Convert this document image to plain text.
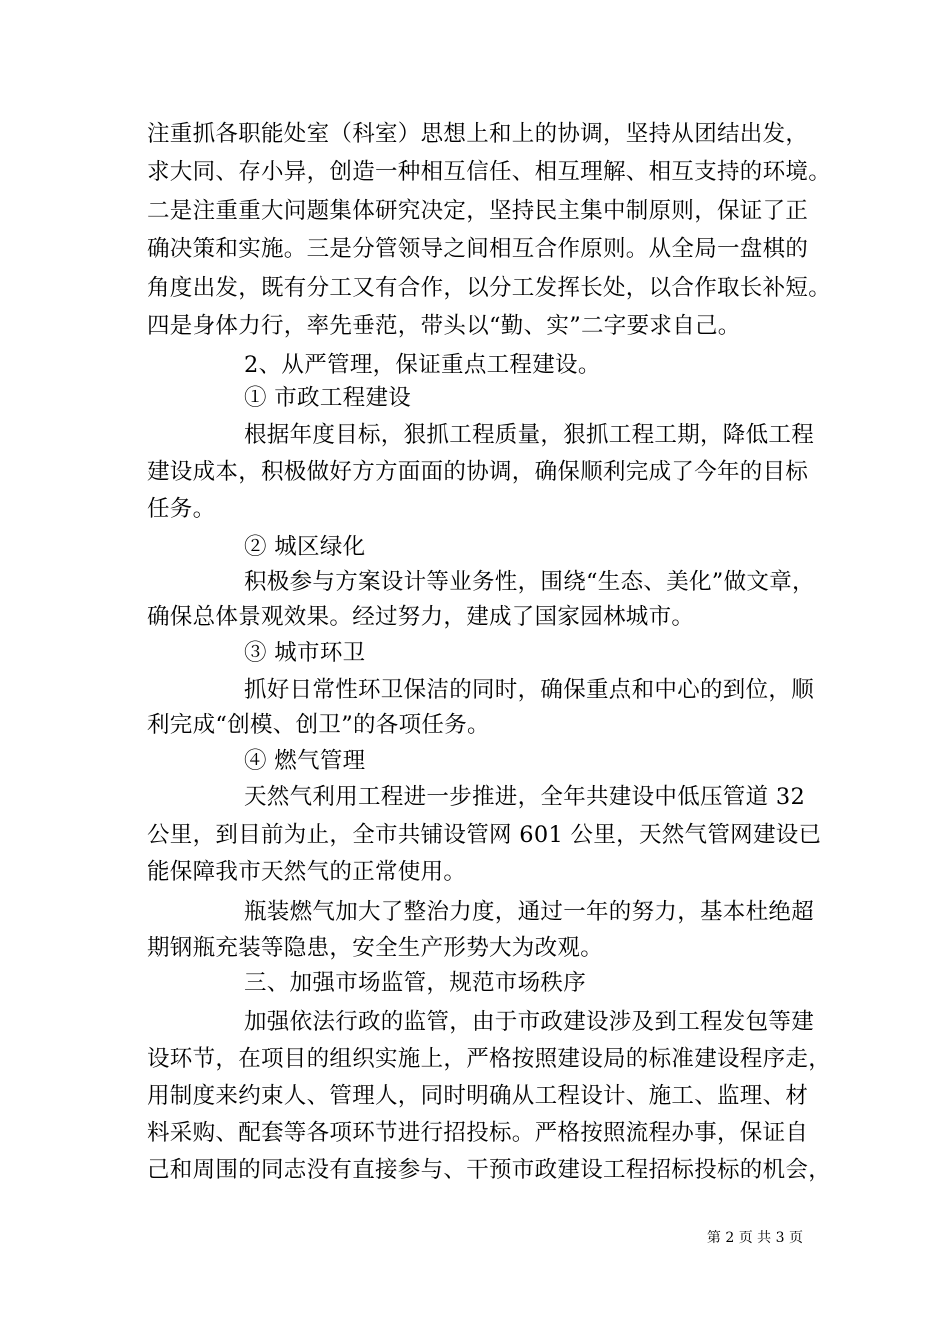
注重抓各职能处室（科室）思想上和上的协调，坚持从团结出发，
求大同、存小异，创造一种相互信任、相互理解、相互支持的环境。
二是注重重大问题集体研究决定，坚持民主集中制原则，保证了正
确决策和实施。三是分管领导之间相互合作原则。从全局一盘棋的
角度出发，既有分工又有合作，以分工发挥长处，以合作取长补短。
四是身体力行，率先垂范，带头以“勤、实”二字要求自己。
2、从严管理，保证重点工程建设。
① 市政工程建设
根据年度目标，狠抓工程质量，狠抓工程工期，降低工程
建设成本，积极做好方方面面的协调，确保顺利完成了今年的目标
任务。
② 城区绿化
积极参与方案设计等业务性，围绕“生态、美化”做文章，
确保总体景观效果。经过努力，建成了国家园林城市。
③ 城市环卫
抓好日常性环卫保洁的同时，确保重点和中心的到位，顺
利完成“创模、创卫”的各项任务。
④ 燃气管理
天然气利用工程进一步推进，全年共建设中低压管道 32
公里，到目前为止，全市共铺设管网 601 公里，天然气管网建设已
能保障我市天然气的正常使用。
瓶装燃气加大了整治力度，通过一年的努力，基本杜绝超
期钢瓶充装等隐患，安全生产形势大为改观。
三、加强市场监管，规范市场秩序
加强依法行政的监管，由于市政建设涉及到工程发包等建
设环节，在项目的组织实施上，严格按照建设局的标准建设程序走，
用制度来约束人、管理人，同时明确从工程设计、施工、监理、材
料采购、配套等各项环节进行招投标。严格按照流程办事，保证自
己和周围的同志没有直接参与、干预市政建设工程招标投标的机会，
第 2 页 共 3 页
